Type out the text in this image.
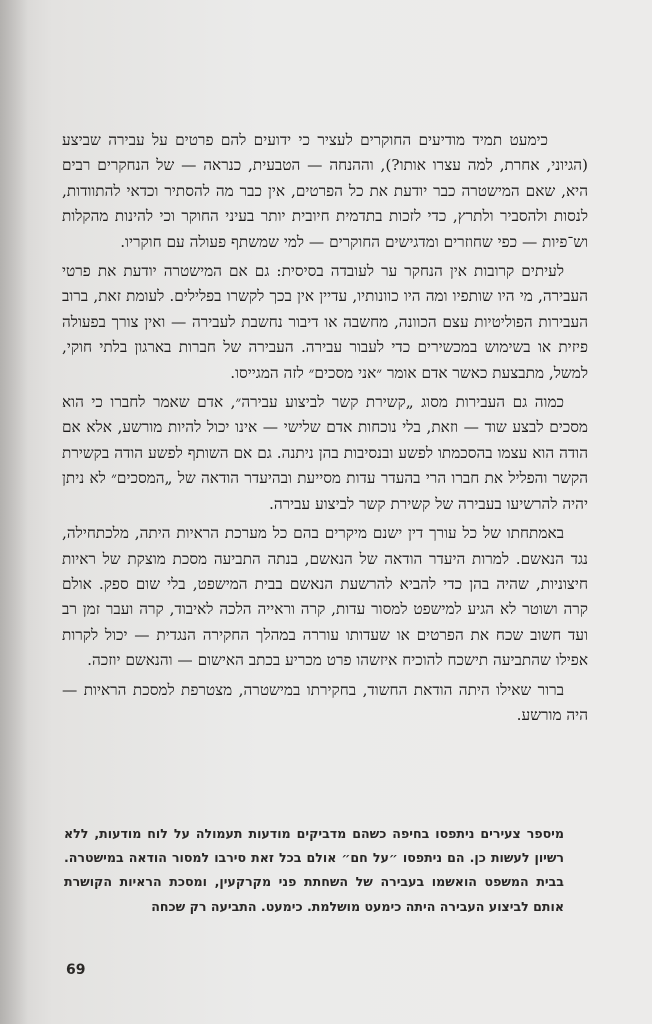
כימעט תמיד מודיעים החוקרים לעציר כי ידועים להם פרטים על עבירה שביצע (הגיוני, אחרת, למה עצרו אותו?), וההנחה — הטבעית, כנראה — של הנחקרים רבים היא, שאם המישטרה כבר יודעת את כל הפרטים, אין כבר מה להסתיר וכדאי להתוודות, לנסות ולהסביר ולתרץ, כדי לזכות בתדמית חיובית יותר בעיני החוקר וכי להינות מהקלות וש־פיות — כפי שחוזרים ומדגישים החוקרים — למי שמשתף פעולה עם חוקריו.

לעיתים קרובות אין הנחקר ער לעובדה בסיסית: גם אם המישטרה יודעת את פרטי העבירה, מי היו שותפיו ומה היו כוונותיו, עדיין אין בכך לקשרו בפלילים. לעומת זאת, ברוב העבירות הפוליטיות עצם הכוונה, מחשבה או דיבור נחשבת לעבירה — ואין צורך בפעולה פיזית או בשימוש במכשירים כדי לעבור עבירה. העבירה של חברות בארגון בלתי חוקי, למשל, מתבצעת כאשר אדם אומר ״אני מסכים״ לזה המגייסו.

כמוה גם העבירות מסוג „קשירת קשר לביצוע עבירה״, אדם שאמר לחברו כי הוא מסכים לבצע שוד — וזאת, בלי נוכחות אדם שלישי — אינו יכול להיות מורשע, אלא אם הודה הוא עצמו בהסכמתו לפשע ובנסיבות בהן ניתנה. גם אם השותף לפשע הודה בקשירת הקשר והפליל את חברו הרי בהעדר עדות מסייעת ובהיעדר הודאה של „המסכים״ לא ניתן יהיה להרשיעו בעבירה של קשירת קשר לביצוע עבירה.

באמתחתו של כל עורך דין ישנם מיקרים בהם כל מערכת הראיות היתה, מלכתחילה, נגד הנאשם. למרות היעדר הודאה של הנאשם, בנתה התביעה מסכת מוצקת של ראיות חיצוניות, שהיה בהן כדי להביא להרשעת הנאשם בבית המישפט, בלי שום ספק. אולם קרה ושוטר לא הגיע למישפט למסור עדות, קרה וראייה הלכה לאיבוד, קרה ועבר זמן רב ועד חשוב שכח את הפרטים או שעדותו עוררה במהלך החקירה הנגדית — יכול לקרות אפילו שהתביעה תישכח להוכיח איזשהו פרט מכריע בכתב האישום — והנאשם יוזכה.

ברור שאילו היתה הודאת החשוד, בחקירתו במישטרה, מצטרפת למסכת הראיות — היה מורשע.

מיספר צעירים ניתפסו בחיפה כשהם מדביקים מודעות תעמולה על לוח מודעות, ללא רשיון לעשות כן. הם ניתפסו ״על חם״ אולם בכל זאת סירבו למסור הודאה במישטרה. בבית המשפט הואשמו בעבירה של השחתת פני מקרקעין, ומסכת הראיות הקושרת אותם לביצוע העבירה היתה כימעט מושלמת. כימעט. התביעה רק שכחה
69
